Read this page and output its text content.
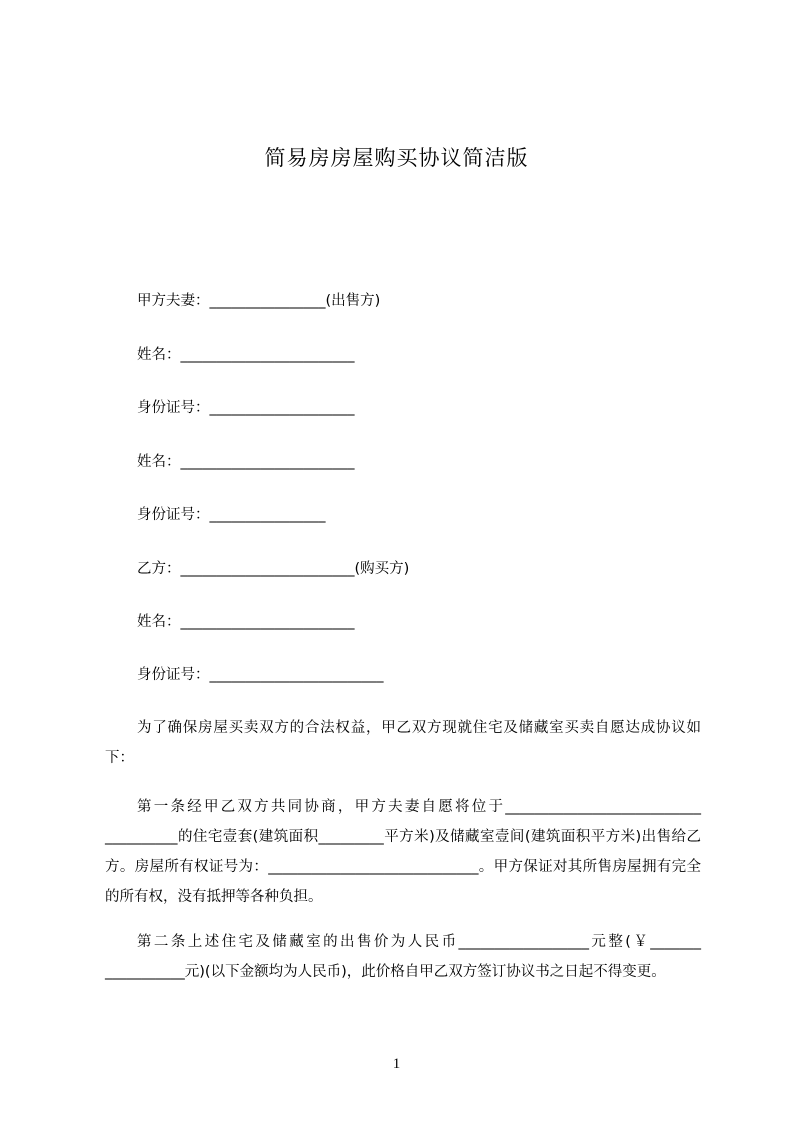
简易房房屋购买协议简洁版
甲方夫妻：________________(出售方)
姓名：________________________
身份证号：____________________
姓名：________________________
身份证号：________________
乙方：________________________(购买方)
姓名：________________________
身份证号：________________________
为了确保房屋买卖双方的合法权益，甲乙双方现就住宅及储藏室买卖自愿达成协议如下：
第一条经甲乙双方共同协商，甲方夫妻自愿将位于___________________________ __________的住宅壹套(建筑面积_________平方米)及储藏室壹间(建筑面积平方米)出售给乙方。房屋所有权证号为：_____________________________。甲方保证对其所售房屋拥有完全的所有权，没有抵押等各种负担。
第二条上述住宅及储藏室的出售价为人民币__________________元整(￥_______ ___________元)(以下金额均为人民币)，此价格自甲乙双方签订协议书之日起不得变更。
1
